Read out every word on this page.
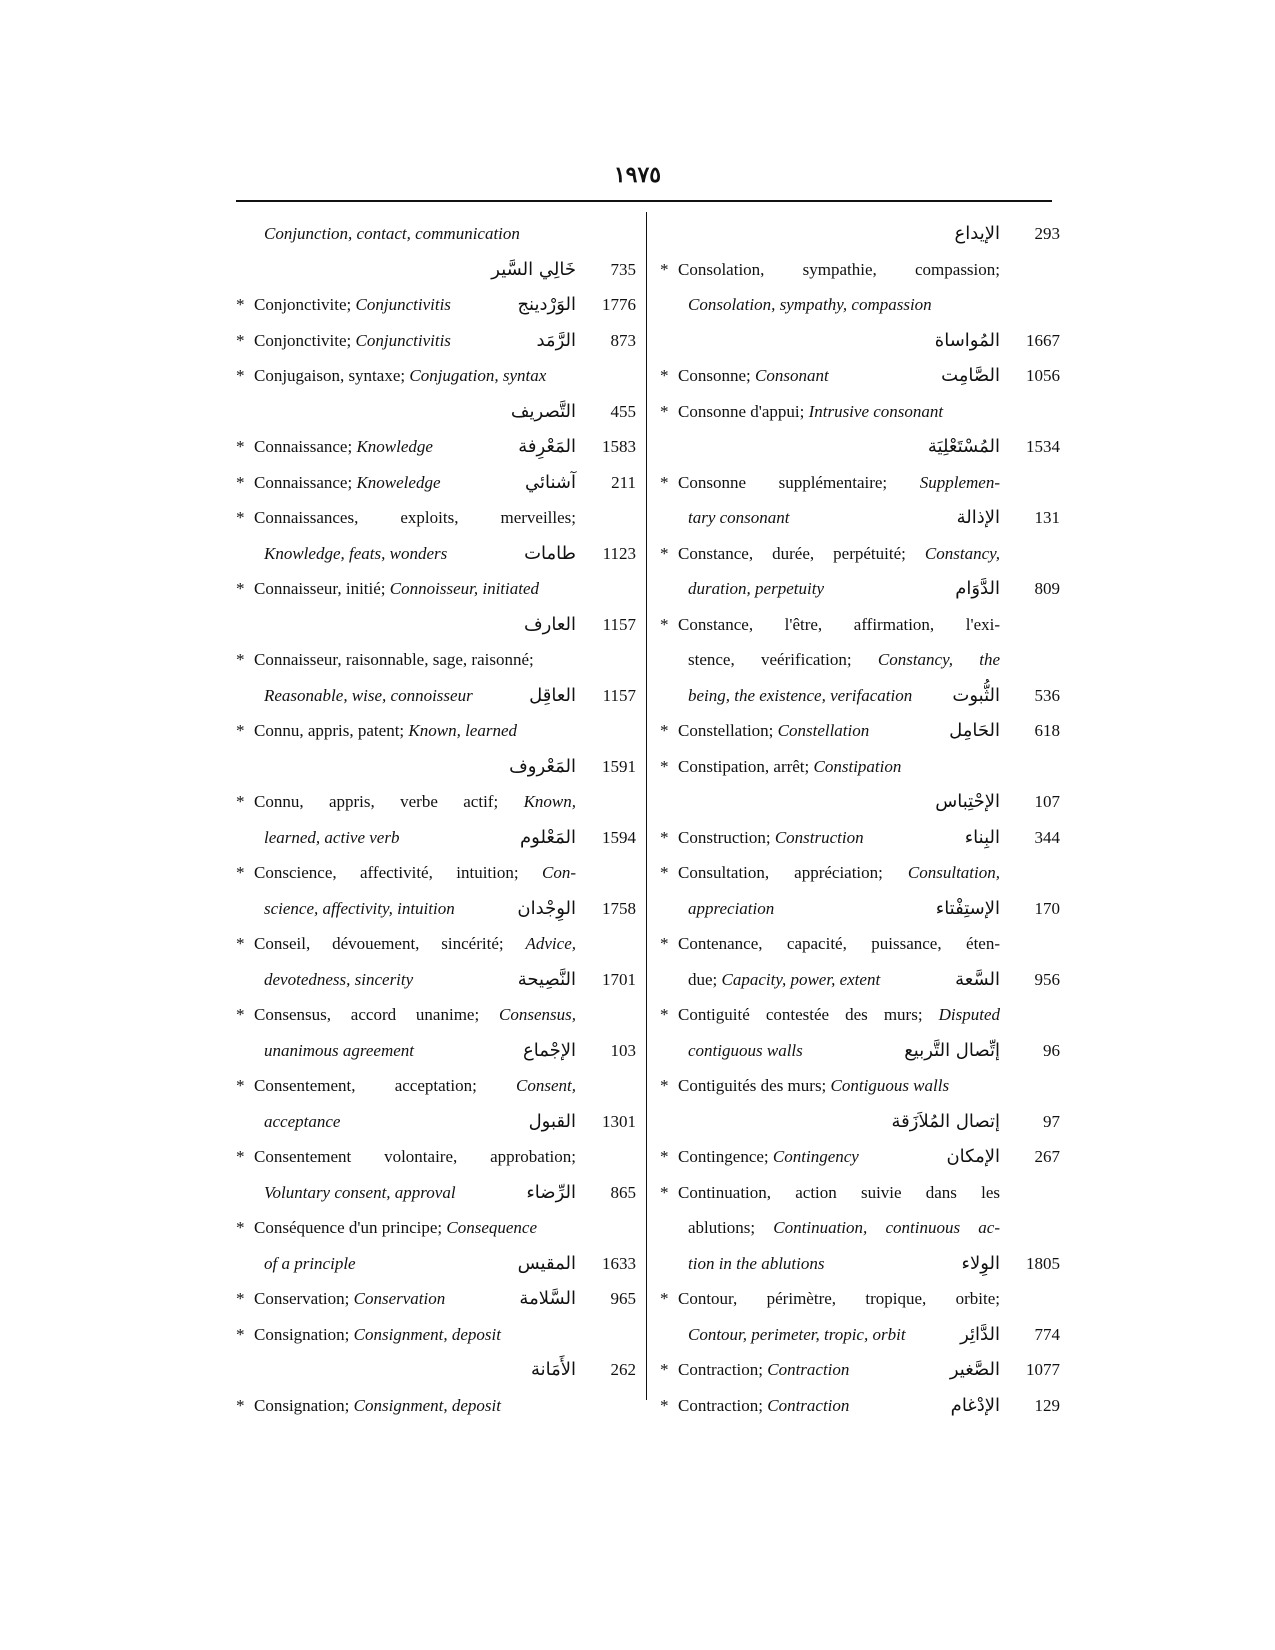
١٩٧٥
Conjunction, contact, communication
خَالِي السَّير	735
* Conjonctivite; Conjunctivitis	الوَرْدينج	1776
* Conjonctivite; Conjunctivitis	الرَّمَد	873
* Conjugaison, syntaxe; Conjugation, syntax
التَّصريف	455
* Connaissance; Knowledge	المَعْرِفة	1583
* Connaissance; Knoweledge	آشنائي	211
* Connaissances, exploits, merveilles;
Knowledge, feats, wonders	طامات	1123
* Connaisseur, initié; Connoisseur, initiated
العارف	1157
* Connaisseur, raisonnable, sage, raisonné;
Reasonable, wise, connoisseur	العاقِل	1157
* Connu, appris, patent; Known, learned
المَعْروف	1591
* Connu, appris, verbe actif; Known,
learned, active verb	المَعْلوم	1594
* Conscience, affectivité, intuition; Con-
science, affectivity, intuition	الوِجْدان	1758
* Conseil, dévouement, sincérité; Advice,
devotedness, sincerity	النَّصِيحة	1701
* Consensus, accord unanime; Consensus,
unanimous agreement	الإجْماع	103
* Consentement, acceptation; Consent,
acceptance	القبول	1301
* Consentement volontaire, approbation;
Voluntary consent, approval	الرِّضاء	865
* Conséquence d'un principe; Consequence
of a principle	المقيس	1633
* Conservation; Conservation	السَّلامة	965
* Consignation; Consignment, deposit
الأَمَانة	262
* Consignation; Consignment, deposit
الإيداع	293
* Consolation, sympathie, compassion;
Consolation, sympathy, compassion
المُواساة	1667
* Consonne; Consonant	الصَّامِت	1056
* Consonne d'appui; Intrusive consonant
المُسْتَعْلِيَة	1534
* Consonne supplémentaire; Supplemen-
tary consonant	الإذالة	131
* Constance, durée, perpétuité; Constancy,
duration, perpetuity	الدَّوَام	809
* Constance, l'être, affirmation, l'exi-
stence, veérification; Constancy, the
being, the existence, verifacation الثُّبوت	536
* Constellation; Constellation	الحَامِل	618
* Constipation, arrêt; Constipation
الإحْتِباس	107
* Construction; Construction	البِناء	344
* Consultation, appréciation; Consultation,
appreciation	الإستِفْتاء	170
* Contenance, capacité, puissance, éten-
due; Capacity, power, extent	السَّعة	956
* Contiguité contestée des murs; Disputed
contiguous walls	إتِّصال التَّربيع	96
* Contiguités des murs; Contiguous walls
إتصال المُلاَزَقة	97
* Contingence; Contingency	الإمكان	267
* Continuation, action suivie dans les
ablutions; Continuation, continuous ac-
tion in the ablutions	الوِلاء	1805
* Contour, périmètre, tropique, orbite;
Contour, perimeter, tropic, orbit	الدَّائِر	774
* Contraction; Contraction	الصَّغير	1077
* Contraction; Contraction	الإدْغام	129
